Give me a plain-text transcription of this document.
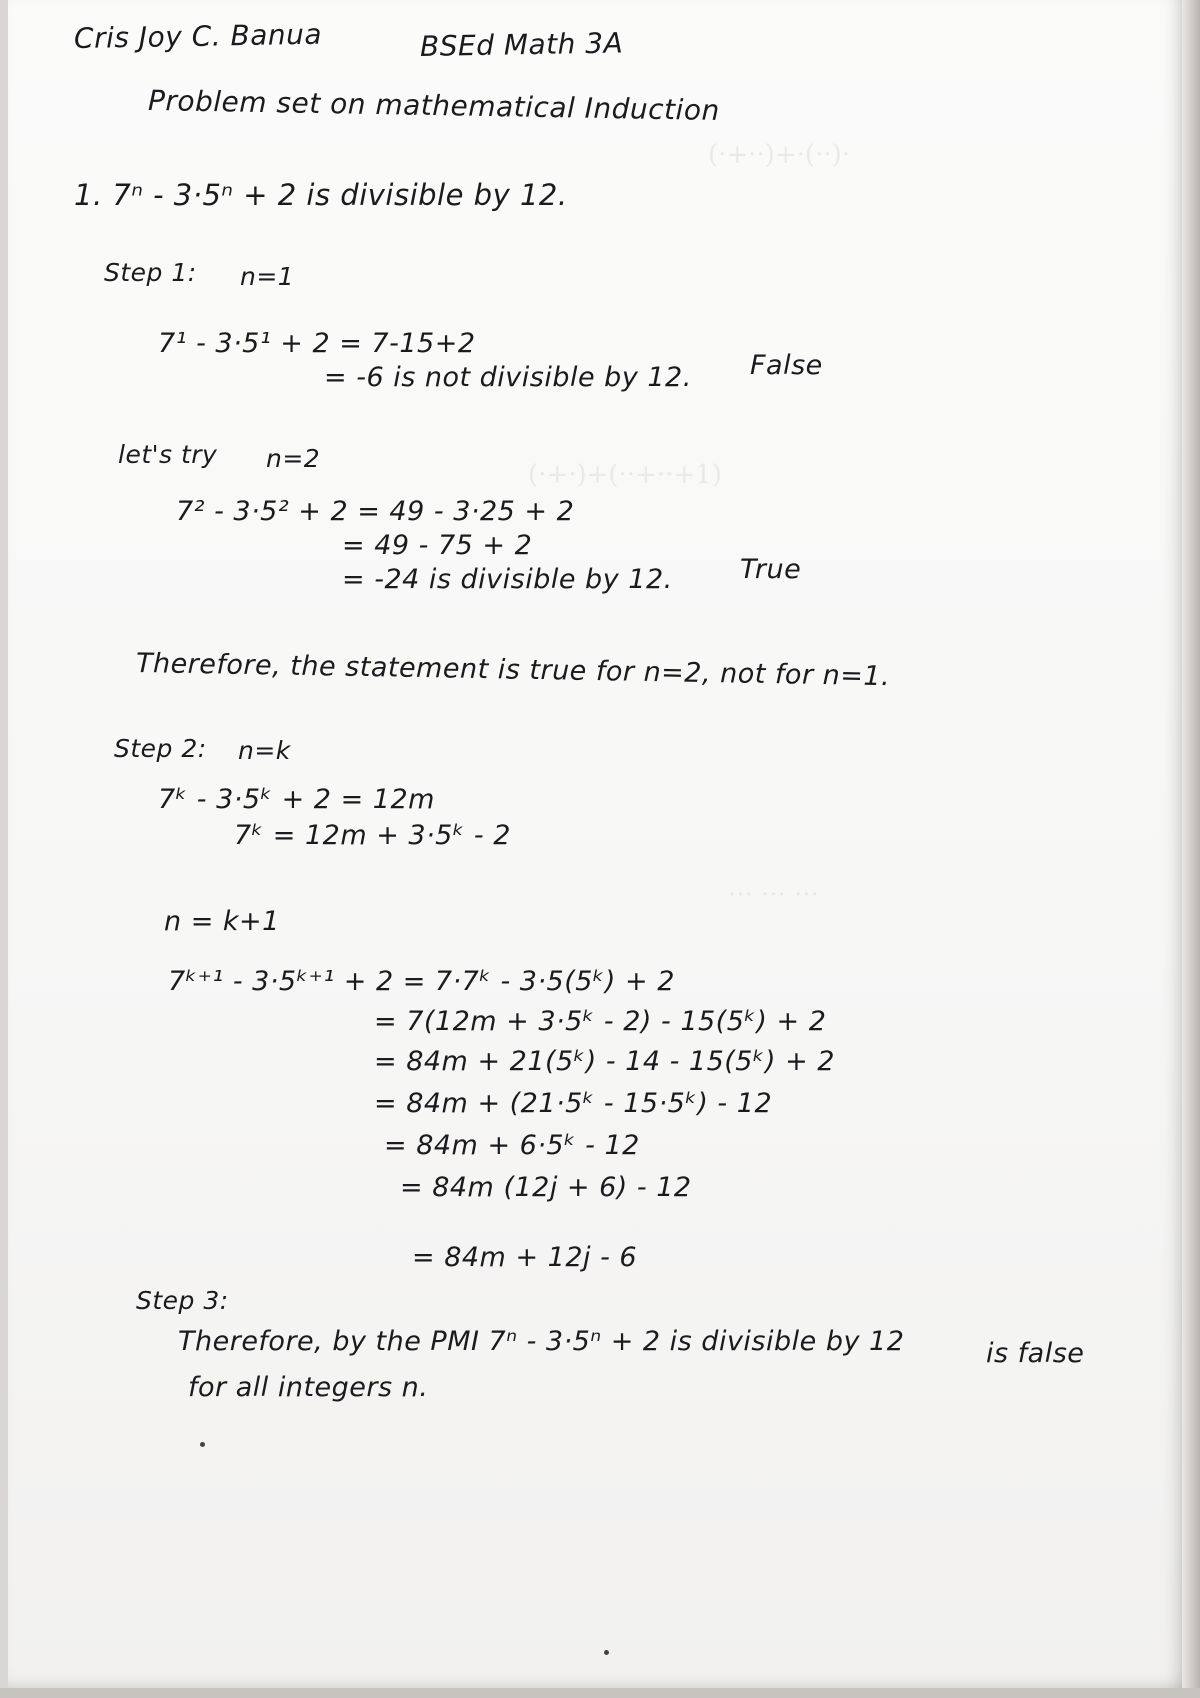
(·+··)+·(··)·
(·+·)+(··+··+1)
··· ··· ···
Cris Joy C. Banua	BSEd Math 3A
Problem set on mathematical Induction
1. 7ⁿ - 3·5ⁿ + 2 is divisible by 12.
Step 1: n=1
7¹ - 3·5¹ + 2 = 7-15+2
= -6 is not divisible by 12. False
let's try n=2
7² - 3·5² + 2 = 49 - 3·25 + 2
= 49 - 75 + 2
= -24 is divisible by 12. True
Therefore, the statement is true for n=2, not for n=1.
Step 2: n=k
7ᵏ - 3·5ᵏ + 2 = 12m
7ᵏ = 12m + 3·5ᵏ - 2
n = k+1
7ᵏ⁺¹ - 3·5ᵏ⁺¹ + 2 = 7·7ᵏ - 3·5(5ᵏ) + 2
= 7(12m + 3·5ᵏ - 2) - 15(5ᵏ) + 2
= 84m + 21(5ᵏ) - 14 - 15(5ᵏ) + 2
= 84m + (21·5ᵏ - 15·5ᵏ) - 12
= 84m + 6·5ᵏ - 12
= 84m (12j + 6) - 12
= 84m + 12j - 6
Step 3:
Therefore, by the PMI 7ⁿ - 3·5ⁿ + 2 is divisible by 12	is false
for all integers n.
